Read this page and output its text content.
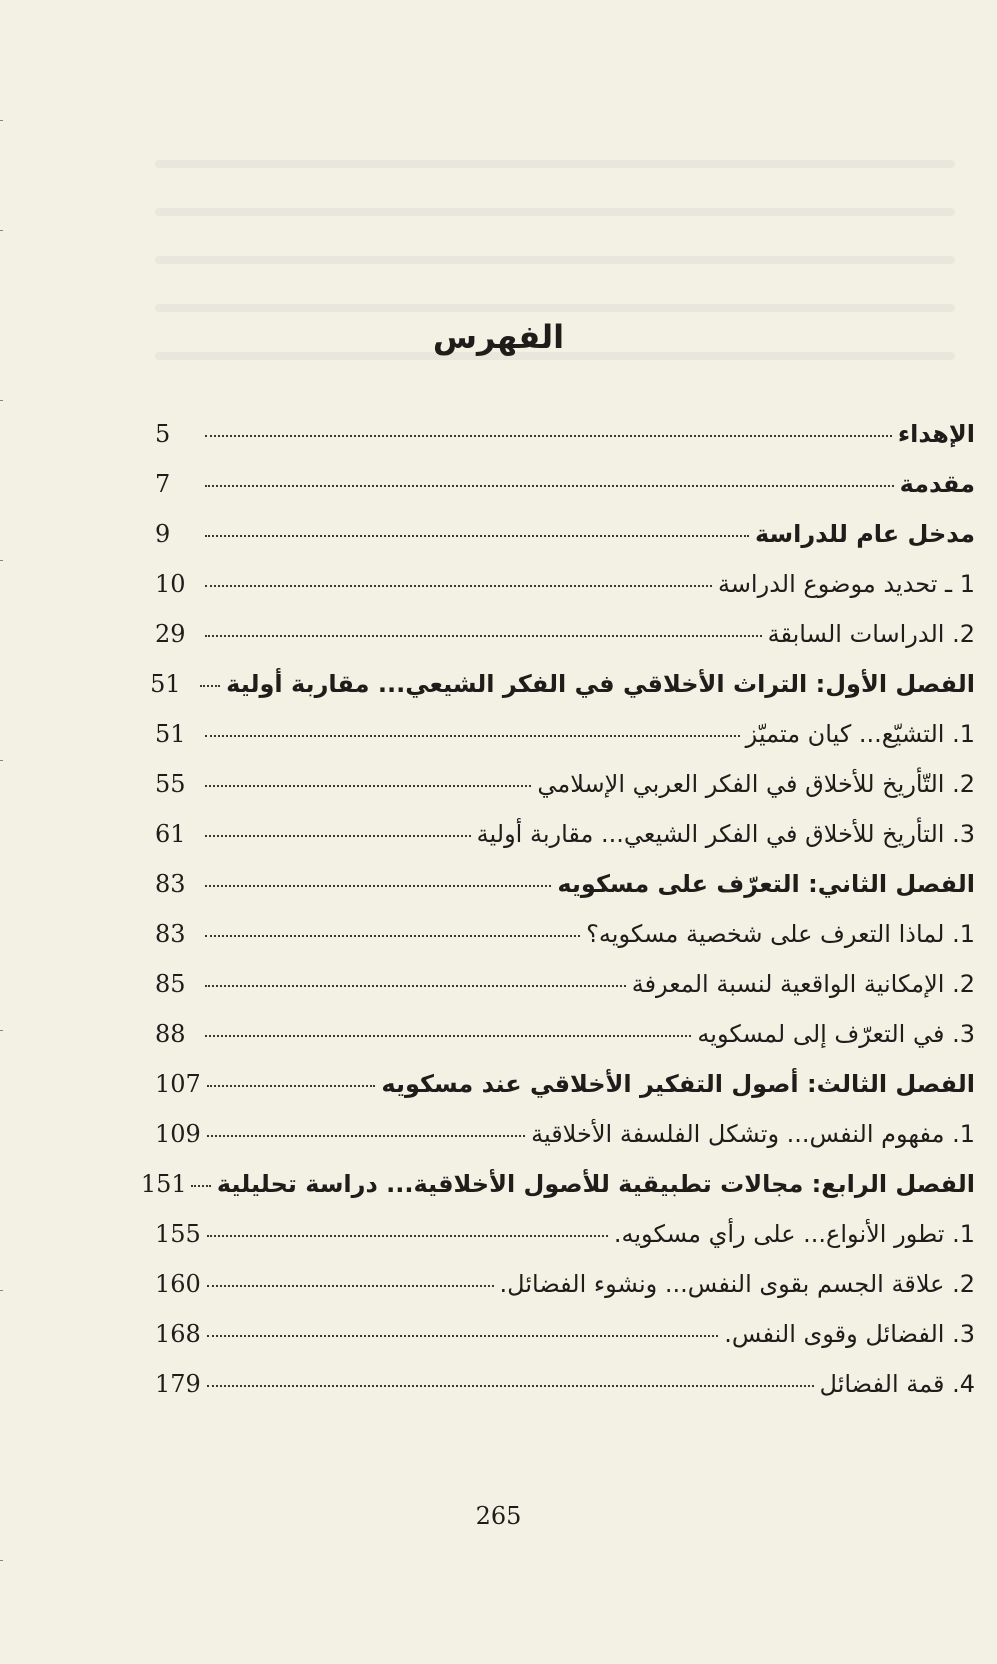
الفهرس
الإهداء
5
مقدمة
7
مدخل عام للدراسة
9
1 ـ تحديد موضوع الدراسة
10
2. الدراسات السابقة
29
الفصل الأول: التراث الأخلاقي في الفكر الشيعي... مقاربة أولية
51
1. التشيّع... كيان متميّز
51
2. التّأريخ للأخلاق في الفكر العربي الإسلامي
55
3. التأريخ للأخلاق في الفكر الشيعي... مقاربة أولية
61
الفصل الثاني: التعرّف على مسكويه
83
1. لماذا التعرف على شخصية مسكويه؟
83
2. الإمكانية الواقعية لنسبة المعرفة
85
3. في التعرّف إلى لمسكويه
88
الفصل الثالث: أصول التفكير الأخلاقي عند مسكويه
107
1. مفهوم النفس... وتشكل الفلسفة الأخلاقية
109
الفصل الرابع: مجالات تطبيقية للأصول الأخلاقية... دراسة تحليلية
151
1. تطور الأنواع... على رأي مسكويه.
155
2. علاقة الجسم بقوى النفس... ونشوء الفضائل.
160
3. الفضائل وقوى النفس.
168
4. قمة الفضائل
179
265
